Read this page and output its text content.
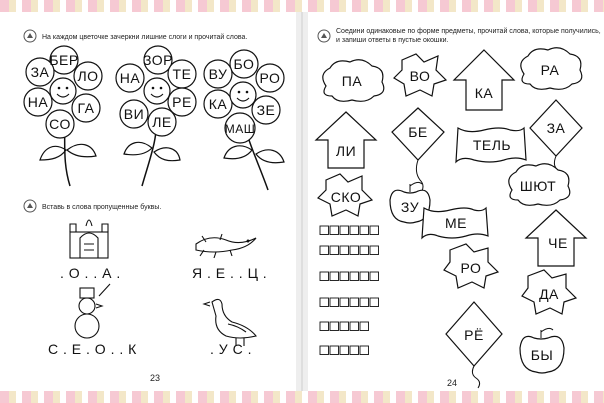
На каждом цветочке зачеркни лишние слоги и прочитай слова.
БЕР
ЛО
ГА
СО
НА
ЗА
ЗОР
ТЕ
РЕ
ЛЕ
ВИ
НА
БО
РО
ЗЕ
МАШ
КА
ВУ
Вставь в слова пропущенные буквы.
. О . . А .	Я . Е . . Ц .
С . Е . О . . К	. У С .
23
Соедини одинаковые по форме предметы, прочитай слова, которые получились,
и запиши ответы в пустые окошки.
ПА	ВО
КА
РА
ЛИ
БЕ
ТЕЛЬ
ЗА
СКО
ЗУ
ШЮТ
МЕ
ЧЕ
РО
ДА
РЁ
БЫ
24
